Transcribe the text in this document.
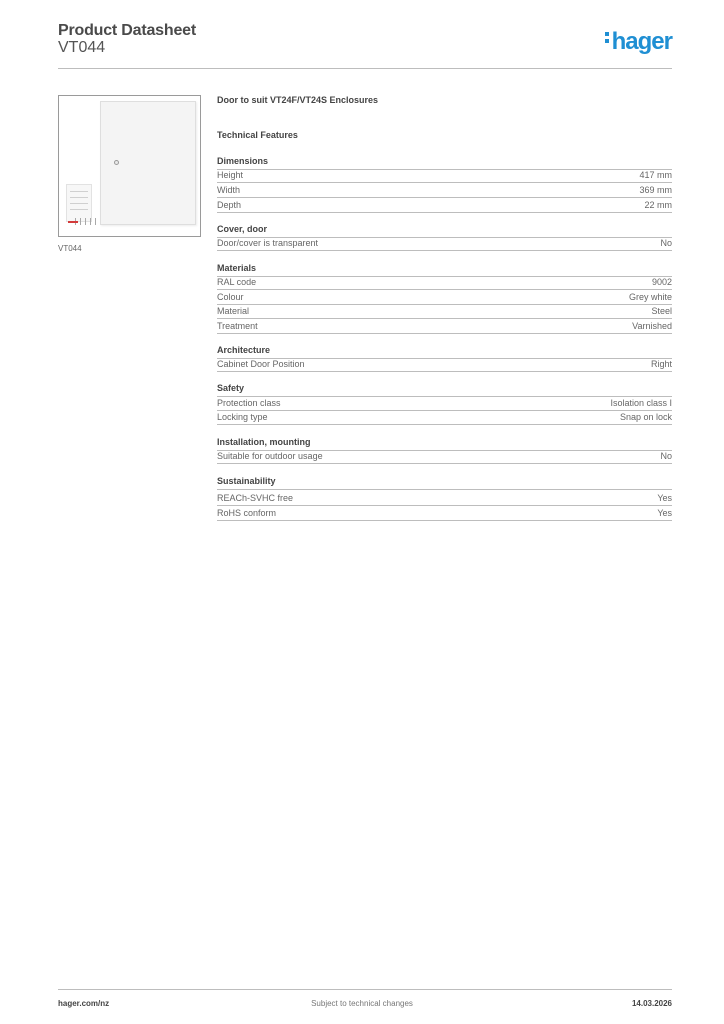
Product Datasheet
VT044	hager
VT044
Door to suit VT24F/VT24S Enclosures
Technical Features
Dimensions
Height	417 mm
Width	369 mm
Depth	22 mm
Cover, door
Door/cover is transparent	No
Materials
RAL code	9002
Colour	Grey white
Material	Steel
Treatment	Varnished
Architecture
Cabinet Door Position	Right
Safety
Protection class	Isolation class I
Locking type	Snap on lock
Installation, mounting
Suitable for outdoor usage	No
Sustainability
REACh-SVHC free	Yes
RoHS conform	Yes
hager.com/nz	Subject to technical changes	14.03.2026
